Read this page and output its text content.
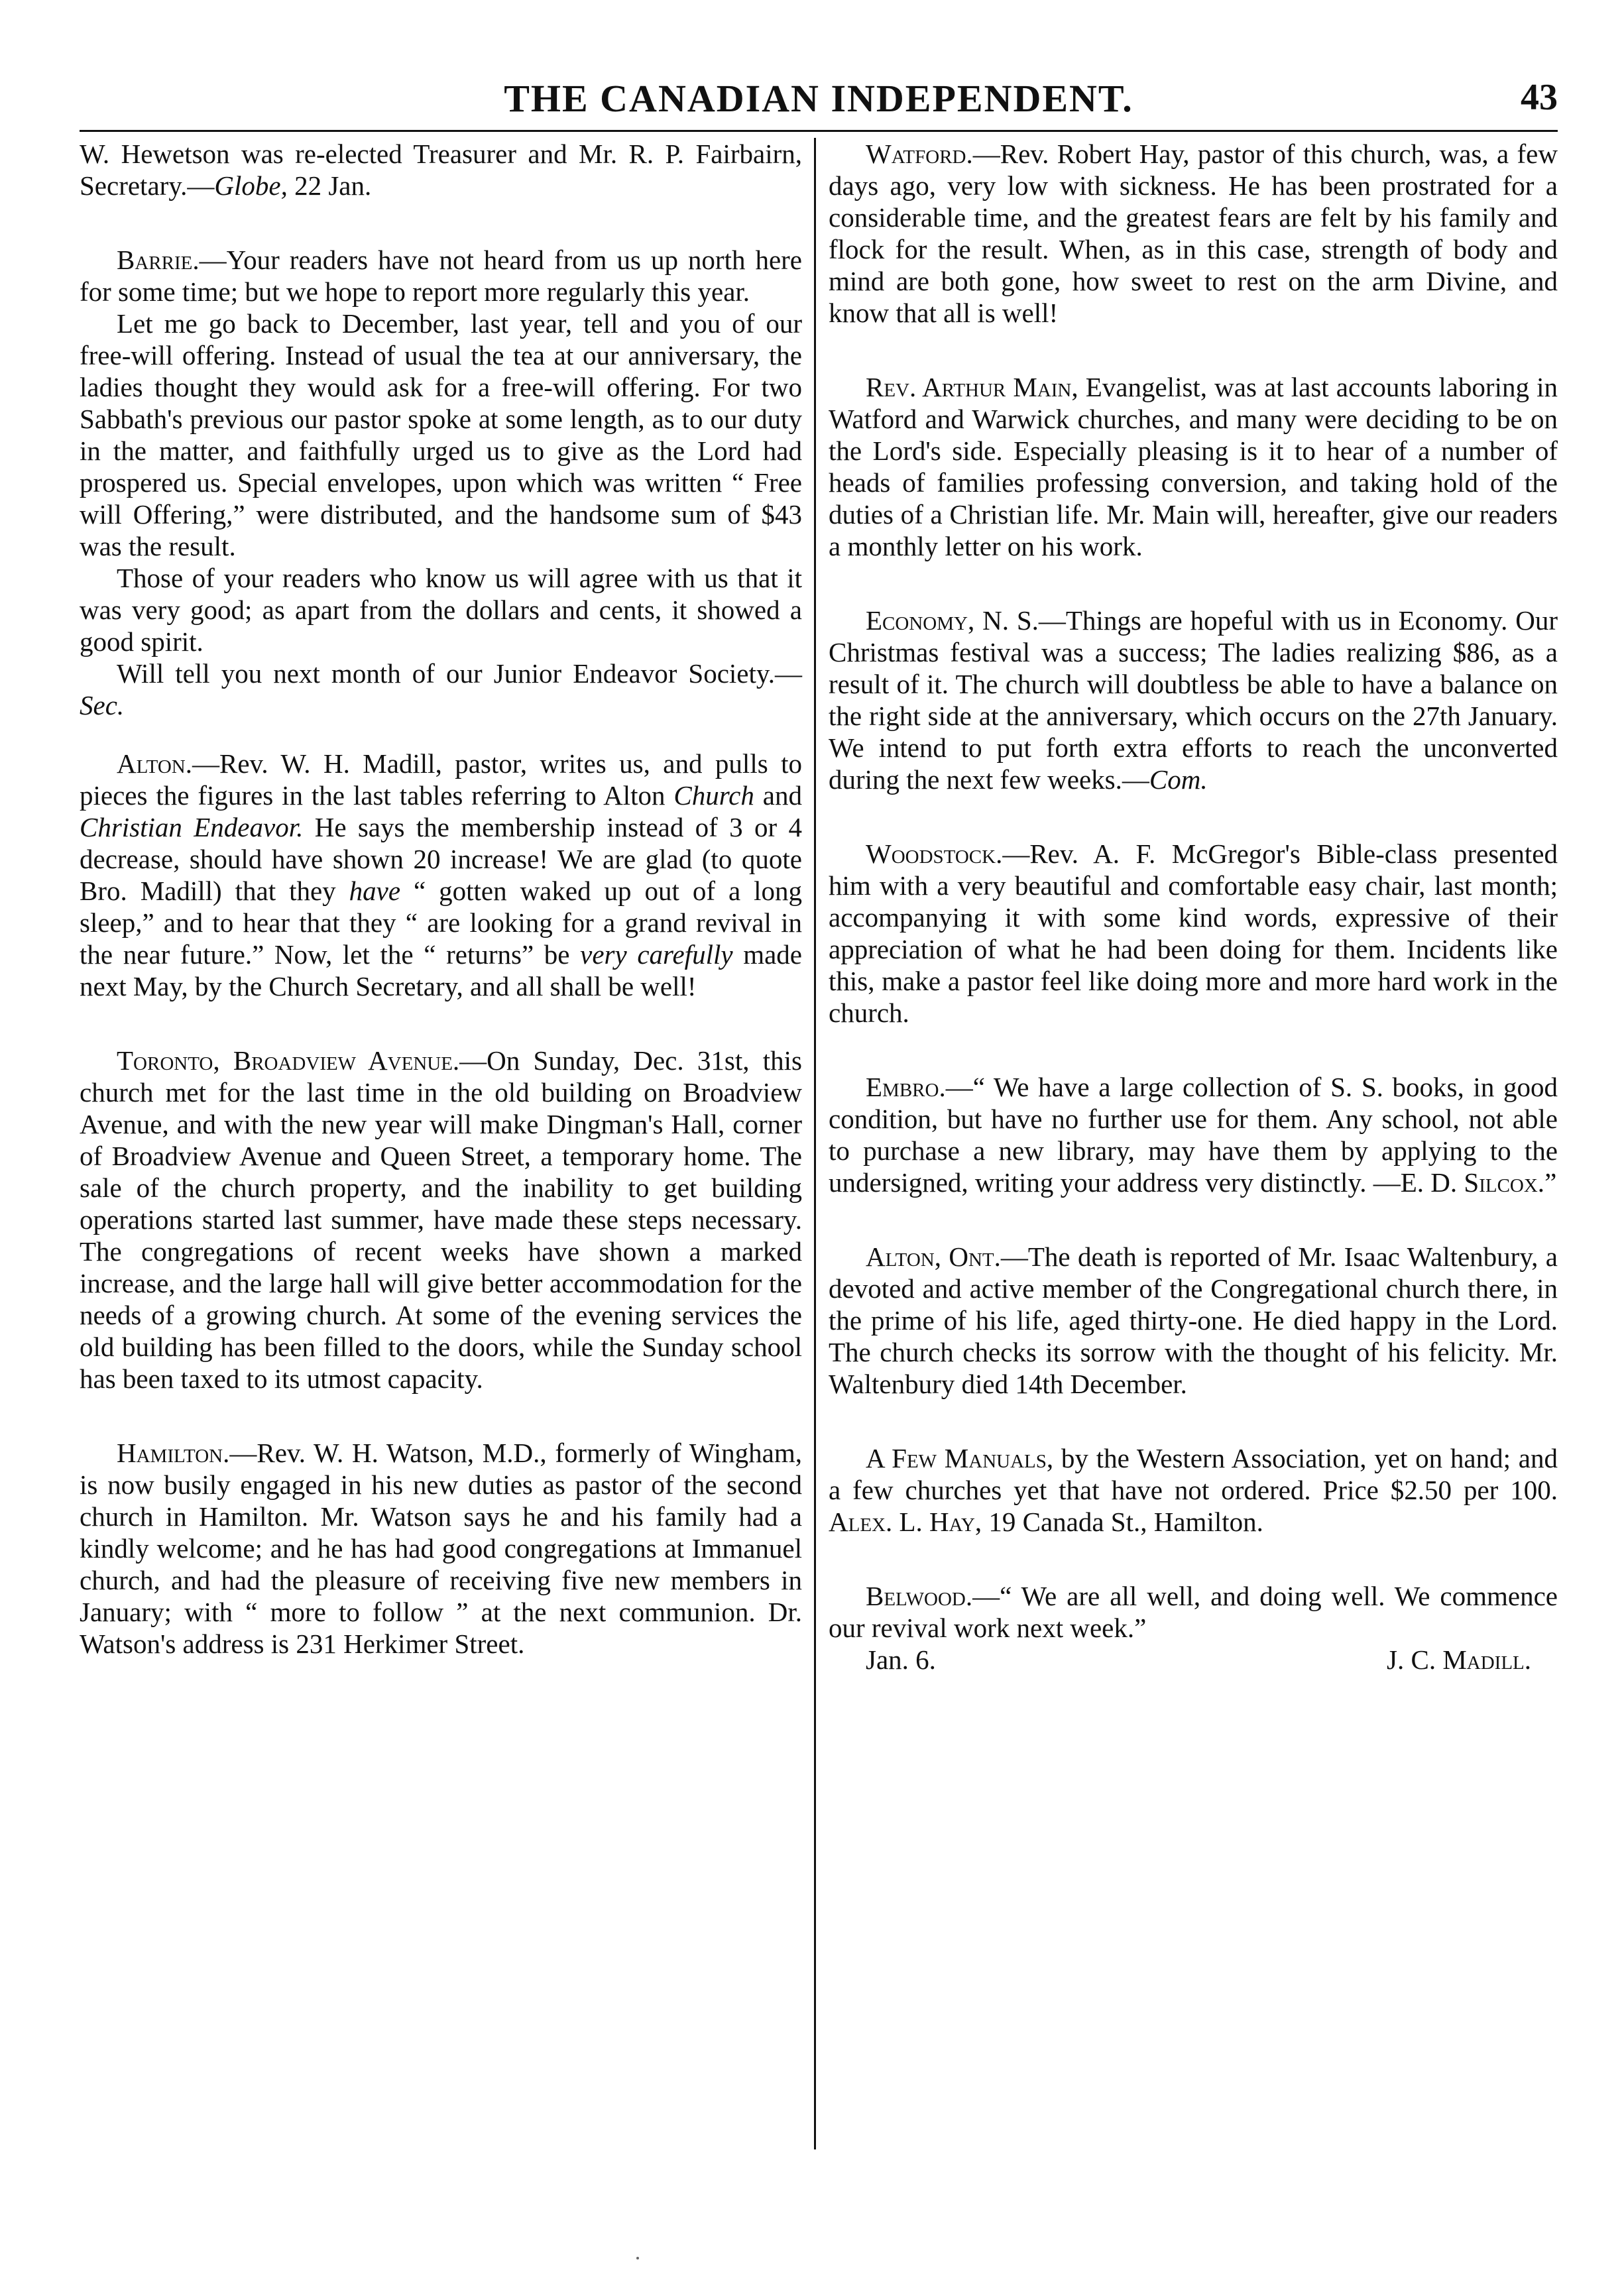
THE CANADIAN INDEPENDENT.	43

W. Hewetson was re-elected Treasurer and Mr. R. P. Fairbairn, Secretary.—Globe, 22 Jan.

Barrie.—Your readers have not heard from us up north here for some time; but we hope to report more regularly this year.

Let me go back to December, last year, tell and you of our free-will offering. Instead of usual the tea at our anniversary, the ladies thought they would ask for a free-will offering. For two Sabbath's previous our pastor spoke at some length, as to our duty in the matter, and faithfully urged us to give as the Lord had prospered us. Special envelopes, upon which was written “ Free will Offering,” were distributed, and the handsome sum of $43 was the result.

Those of your readers who know us will agree with us that it was very good; as apart from the dollars and cents, it showed a good spirit.

Will tell you next month of our Junior Endeavor Society.—Sec.

Alton.—Rev. W. H. Madill, pastor, writes us, and pulls to pieces the figures in the last tables referring to Alton Church and Christian Endeavor. He says the membership instead of 3 or 4 decrease, should have shown 20 increase! We are glad (to quote Bro. Madill) that they have “ gotten waked up out of a long sleep,” and to hear that they “ are looking for a grand revival in the near future.” Now, let the “ returns” be very carefully made next May, by the Church Secretary, and all shall be well!

Toronto, Broadview Avenue.—On Sunday, Dec. 31st, this church met for the last time in the old building on Broadview Avenue, and with the new year will make Dingman's Hall, corner of Broadview Avenue and Queen Street, a temporary home. The sale of the church property, and the inability to get building operations started last summer, have made these steps necessary. The congregations of recent weeks have shown a marked increase, and the large hall will give better accommodation for the needs of a growing church. At some of the evening services the old building has been filled to the doors, while the Sunday school has been taxed to its utmost capacity.

Hamilton.—Rev. W. H. Watson, M.D., formerly of Wingham, is now busily engaged in his new duties as pastor of the second church in Hamilton. Mr. Watson says he and his family had a kindly welcome; and he has had good congregations at Immanuel church, and had the pleasure of receiving five new members in January; with “ more to follow ” at the next communion. Dr. Watson's address is 231 Herkimer Street.

Watford.—Rev. Robert Hay, pastor of this church, was, a few days ago, very low with sickness. He has been prostrated for a considerable time, and the greatest fears are felt by his family and flock for the result. When, as in this case, strength of body and mind are both gone, how sweet to rest on the arm Divine, and know that all is well!

Rev. Arthur Main, Evangelist, was at last accounts laboring in Watford and Warwick churches, and many were deciding to be on the Lord's side. Especially pleasing is it to hear of a number of heads of families professing conversion, and taking hold of the duties of a Christian life. Mr. Main will, hereafter, give our readers a monthly letter on his work.

Economy, N. S.—Things are hopeful with us in Economy. Our Christmas festival was a success; The ladies realizing $86, as a result of it. The church will doubtless be able to have a balance on the right side at the anniversary, which occurs on the 27th January. We intend to put forth extra efforts to reach the unconverted during the next few weeks.—Com.

Woodstock.—Rev. A. F. McGregor's Bible-class presented him with a very beautiful and comfortable easy chair, last month; accompanying it with some kind words, expressive of their appreciation of what he had been doing for them. Incidents like this, make a pastor feel like doing more and more hard work in the church.

Embro.—“ We have a large collection of S. S. books, in good condition, but have no further use for them. Any school, not able to purchase a new library, may have them by applying to the undersigned, writing your address very distinctly. —E. D. Silcox.”

Alton, Ont.—The death is reported of Mr. Isaac Waltenbury, a devoted and active member of the Congregational church there, in the prime of his life, aged thirty-one. He died happy in the Lord. The church checks its sorrow with the thought of his felicity. Mr. Waltenbury died 14th December.

A Few Manuals, by the Western Association, yet on hand; and a few churches yet that have not ordered. Price $2.50 per 100. Alex. L. Hay, 19 Canada St., Hamilton.

Belwood.—“ We are all well, and doing well. We commence our revival work next week.”

Jan. 6.	J. C. Madill.
